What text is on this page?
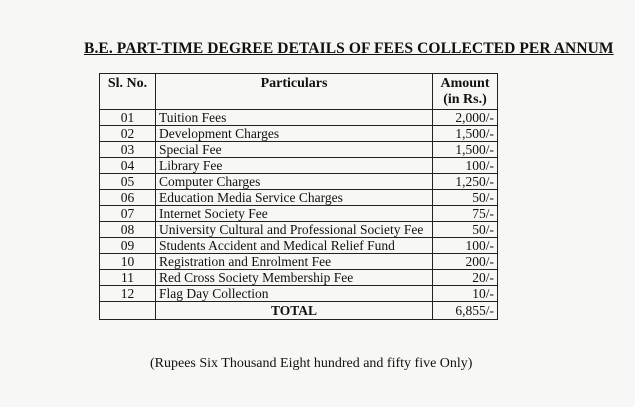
B.E. PART-TIME DEGREE DETAILS OF FEES COLLECTED PER ANNUM
Sl. No.	Particulars	Amount
(in Rs.)
01	Tuition Fees	2,000/-
02	Development Charges	1,500/-
03	Special Fee	1,500/-
04	Library Fee	100/-
05	Computer Charges	1,250/-
06	Education Media Service Charges	50/-
07	Internet Society Fee	75/-
08	University Cultural and Professional Society Fee	50/-
09	Students Accident and Medical Relief Fund	100/-
10	Registration and Enrolment Fee	200/-
11	Red Cross Society Membership Fee	20/-
12	Flag Day Collection	10/-
	TOTAL	6,855/-
(Rupees Six Thousand Eight hundred and fifty five Only)
